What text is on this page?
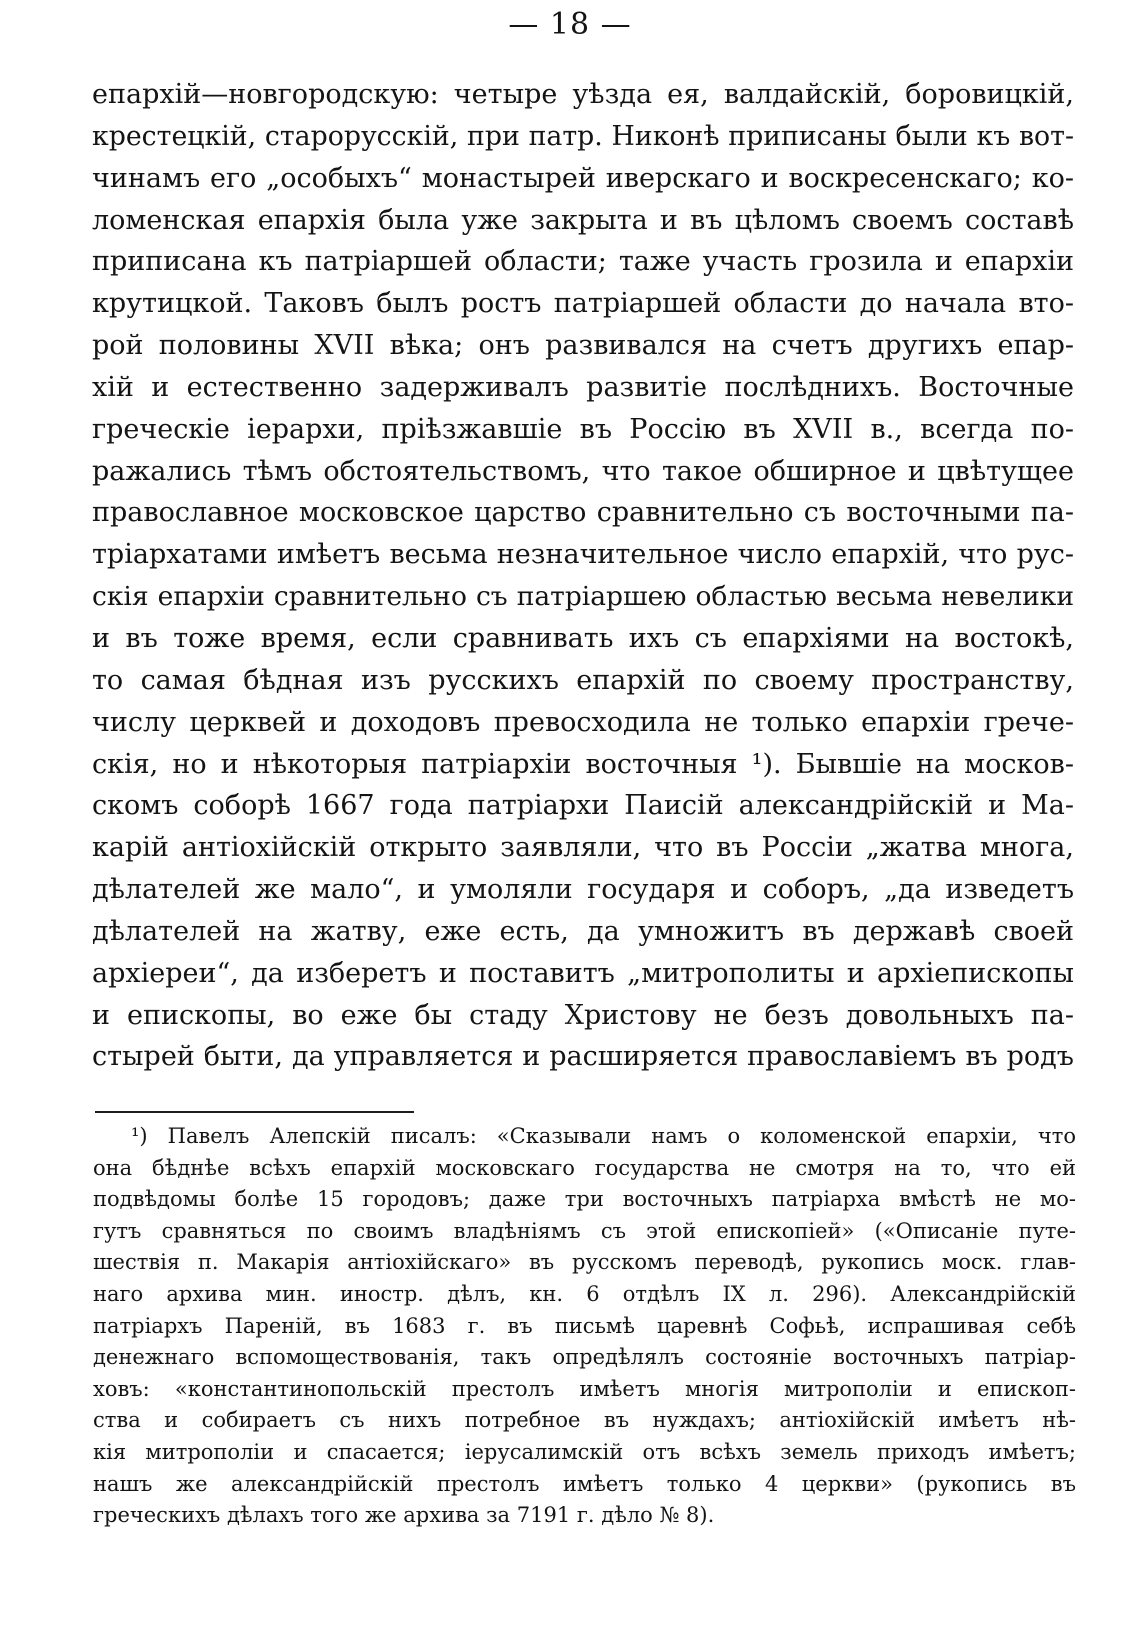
— 18 —
епархій—новгородскую: четыре уѣзда ея, валдайскій, боровицкій,
крестецкій, старорусскій, при патр. Никонѣ приписаны были къ вот-
чинамъ его „особыхъ“ монастырей иверскаго и воскресенскаго; ко-
ломенская епархія была уже закрыта и въ цѣломъ своемъ составѣ
приписана къ патріаршей области; таже участь грозила и епархіи
крутицкой. Таковъ былъ ростъ патріаршей области до начала вто-
рой половины XVII вѣка; онъ развивался на счетъ другихъ епар-
хій и естественно задерживалъ развитіе послѣднихъ. Восточные
греческіе іерархи, пріѣзжавшіе въ Россію въ XVII в., всегда по-
ражались тѣмъ обстоятельствомъ, что такое обширное и цвѣтущее
православное московское царство сравнительно съ восточными па-
тріархатами имѣетъ весьма незначительное число епархій, что рус-
скія епархіи сравнительно съ патріаршею областью весьма невелики
и въ тоже время, если сравнивать ихъ съ епархіями на востокѣ,
то самая бѣдная изъ русскихъ епархій по своему пространству,
числу церквей и доходовъ превосходила не только епархіи грече-
скія, но и нѣкоторыя патріархіи восточныя ¹). Бывшіе на москов-
скомъ соборѣ 1667 года патріархи Паисій александрійскій и Ма-
карій антіохійскій открыто заявляли, что въ Россіи „жатва многа,
дѣлателей же мало“, и умоляли государя и соборъ, „да изведетъ
дѣлателей на жатву, еже есть, да умножитъ въ державѣ своей
архіереи“, да изберетъ и поставитъ „митрополиты и архіепископы
и епископы, во еже бы стаду Христову не безъ довольныхъ па-
стырей быти, да управляется и расширяется православіемъ въ родъ
¹) Павелъ Алепскій писалъ: «Сказывали намъ о коломенской епархіи, что
она бѣднѣе всѣхъ епархій московскаго государства не смотря на то, что ей
подвѣдомы болѣе 15 городовъ; даже три восточныхъ патріарха вмѣстѣ не мо-
гутъ сравняться по своимъ владѣніямъ съ этой епископіей» («Описаніе путе-
шествія п. Макарія антіохійскаго» въ русскомъ переводѣ, рукопись моск. глав-
наго архива мин. иностр. дѣлъ, кн. 6 отдѣлъ IX л. 296). Александрійскій
патріархъ Пареній, въ 1683 г. въ письмѣ царевнѣ Софьѣ, испрашивая себѣ
денежнаго вспомоществованія, такъ опредѣлялъ состояніе восточныхъ патріар-
ховъ: «константинопольскій престолъ имѣетъ многія митрополіи и епископ-
ства и собираетъ съ нихъ потребное въ нуждахъ; антіохійскій имѣетъ нѣ-
кія митрополіи и спасается; іерусалимскій отъ всѣхъ земель приходъ имѣетъ;
нашъ же александрійскій престолъ имѣетъ только 4 церкви» (рукопись въ
греческихъ дѣлахъ того же архива за 7191 г. дѣло № 8).
